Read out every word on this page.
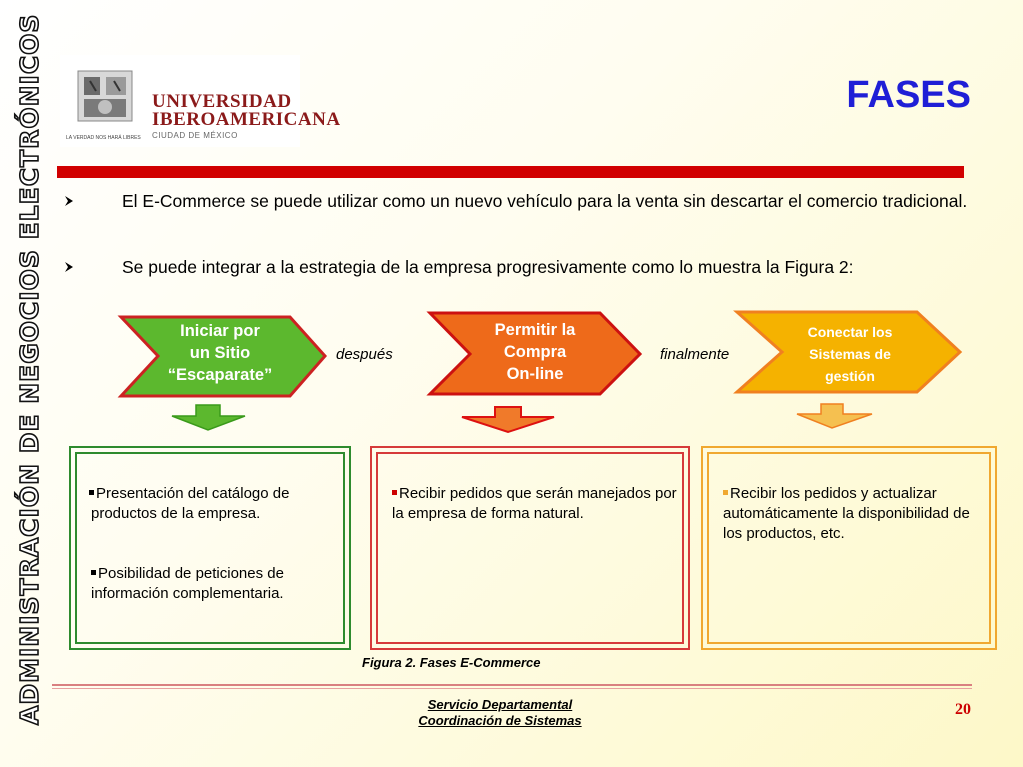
ADMINISTRACIÓN DE NEGOCIOS ELECTRÓNICOS	LA VERDAD NOS HARÁ LIBRES
UNIVERSIDAD
IBEROAMERICANA
CIUDAD DE MÉXICO
FASES
El E-Commerce se puede utilizar como un nuevo vehículo para la venta sin descartar el comercio tradicional.
Se puede integrar a la estrategia de la empresa progresivamente como lo muestra la Figura 2:
Iniciar por
un Sitio
“Escaparate”
Permitir la
Compra
On-line
Conectar los
Sistemas de
gestión
después	finalmente

Presentación del catálogo de productos de la empresa.

Posibilidad de peticiones de información complementaria.

Recibir pedidos que serán manejados por la empresa de forma natural.

Recibir los pedidos y actualizar automáticamente la disponibilidad de los productos, etc.

Figura 2. Fases E-Commerce
Servicio Departamental
Coordinación de Sistemas
20
